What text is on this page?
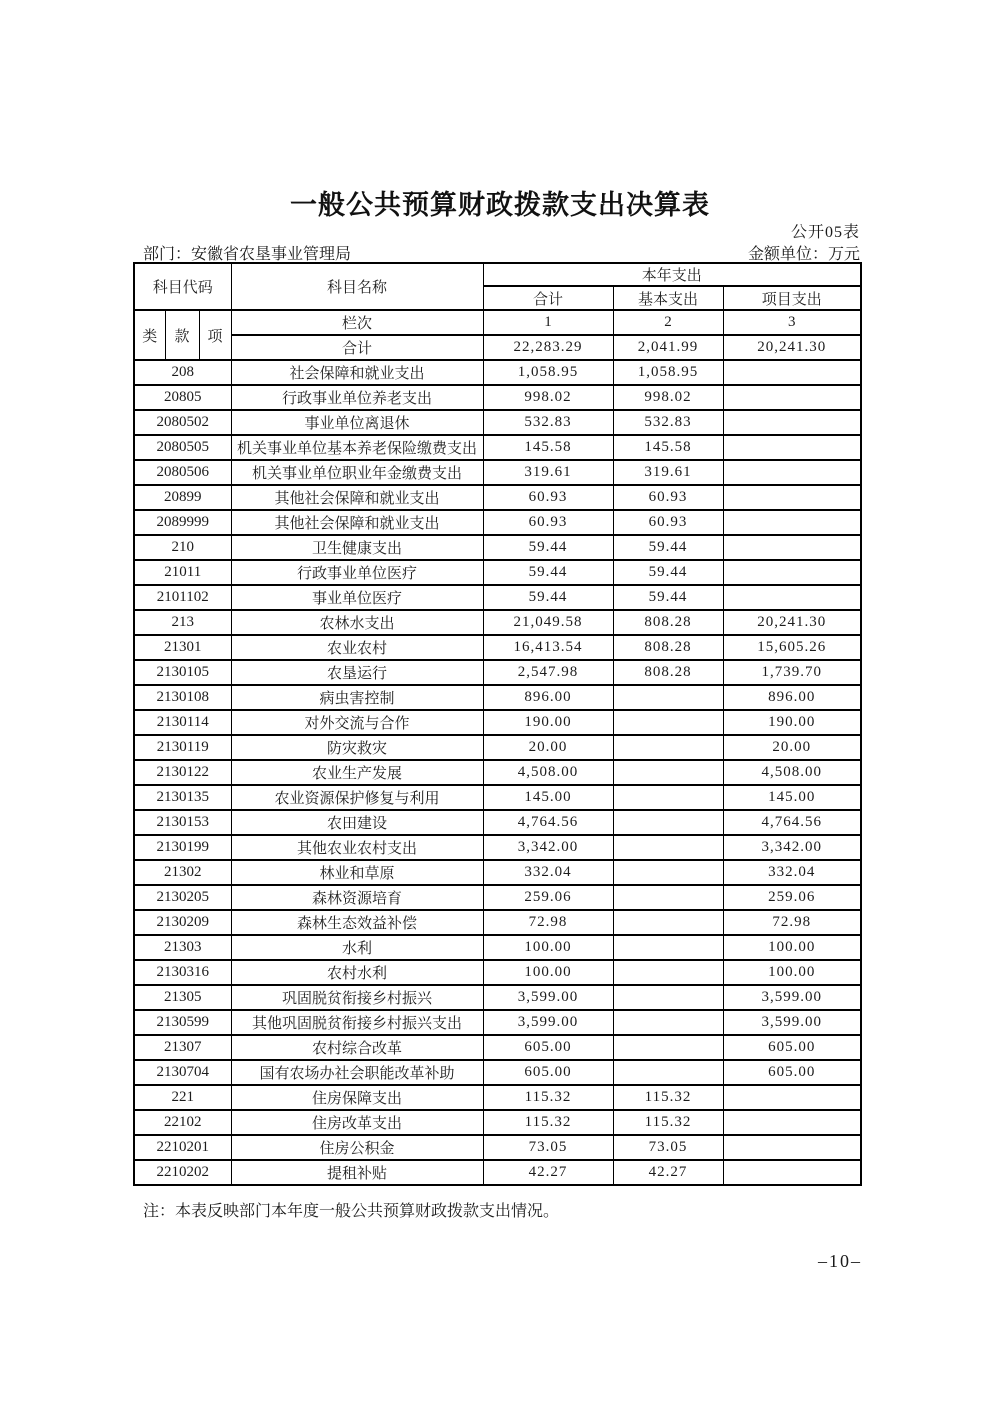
一般公共预算财政拨款支出决算表
公开05表
部门：安徽省农垦事业管理局	金额单位：万元
科目代码			科目名称	本年支出		
				合计	基本支出	项目支出
类	款	项	栏次	1	2	3
			合计	22,283.29	2,041.99	20,241.30
208			社会保障和就业支出	1,058.95	1,058.95	
20805			行政事业单位养老支出	998.02	998.02	
2080502			事业单位离退休	532.83	532.83	
2080505			机关事业单位基本养老保险缴费支出	145.58	145.58	
2080506			机关事业单位职业年金缴费支出	319.61	319.61	
20899			其他社会保障和就业支出	60.93	60.93	
2089999			其他社会保障和就业支出	60.93	60.93	
210			卫生健康支出	59.44	59.44	
21011			行政事业单位医疗	59.44	59.44	
2101102			事业单位医疗	59.44	59.44	
213			农林水支出	21,049.58	808.28	20,241.30
21301			农业农村	16,413.54	808.28	15,605.26
2130105			农垦运行	2,547.98	808.28	1,739.70
2130108			病虫害控制	896.00		896.00
2130114			对外交流与合作	190.00		190.00
2130119			防灾救灾	20.00		20.00
2130122			农业生产发展	4,508.00		4,508.00
2130135			农业资源保护修复与利用	145.00		145.00
2130153			农田建设	4,764.56		4,764.56
2130199			其他农业农村支出	3,342.00		3,342.00
21302			林业和草原	332.04		332.04
2130205			森林资源培育	259.06		259.06
2130209			森林生态效益补偿	72.98		72.98
21303			水利	100.00		100.00
2130316			农村水利	100.00		100.00
21305			巩固脱贫衔接乡村振兴	3,599.00		3,599.00
2130599			其他巩固脱贫衔接乡村振兴支出	3,599.00		3,599.00
21307			农村综合改革	605.00		605.00
2130704			国有农场办社会职能改革补助	605.00		605.00
221			住房保障支出	115.32	115.32	
22102			住房改革支出	115.32	115.32	
2210201			住房公积金	73.05	73.05	
2210202			提租补贴	42.27	42.27	
注：本表反映部门本年度一般公共预算财政拨款支出情况。
–10–
